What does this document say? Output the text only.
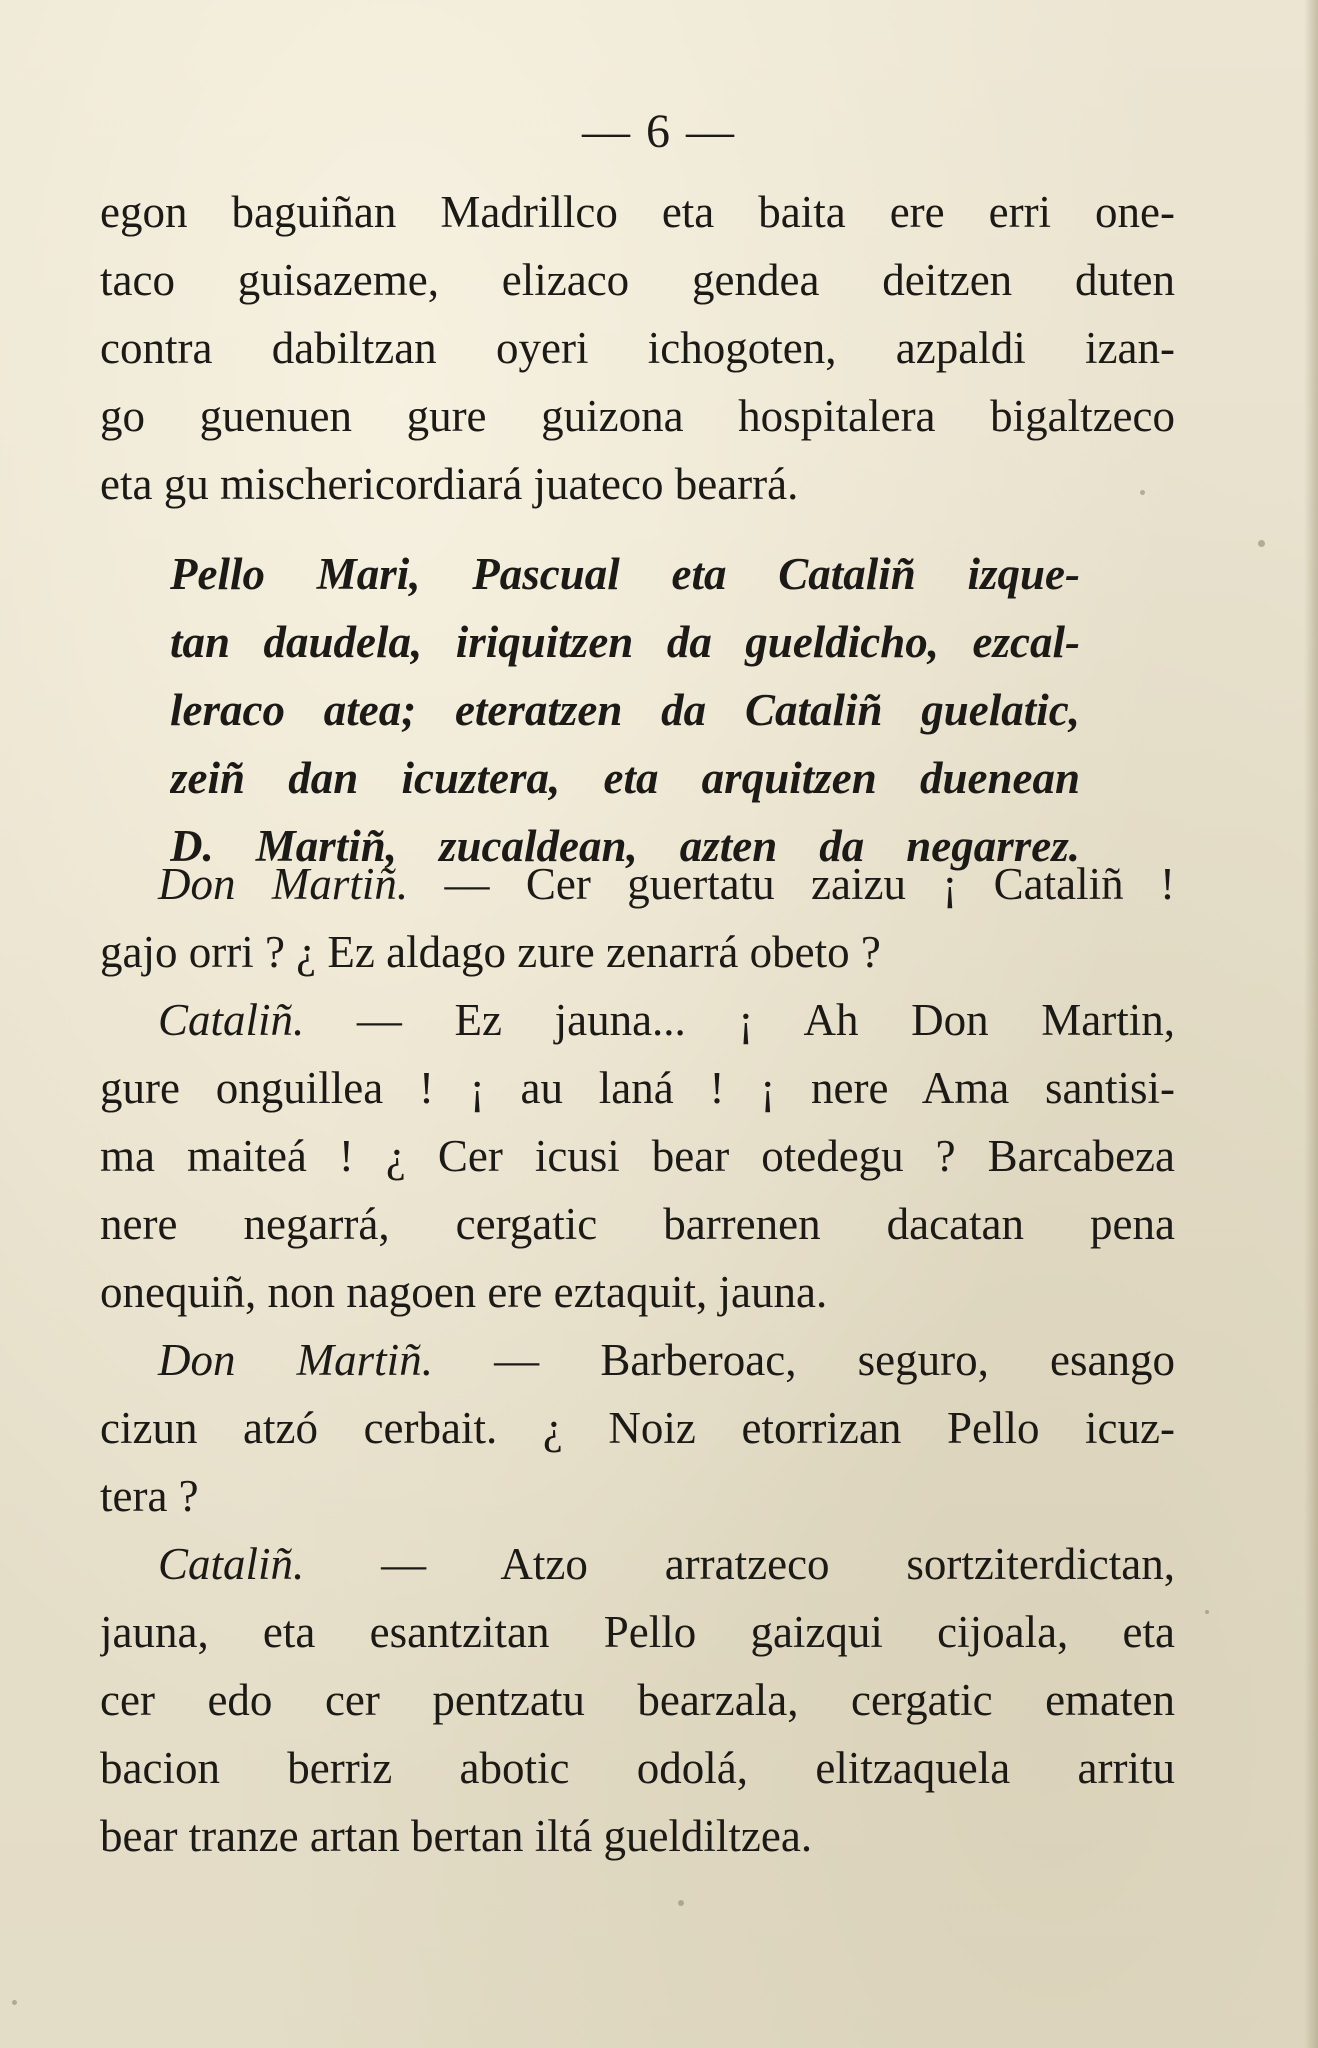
— 6 —
egon baguiñan Madrillco eta baita ere erri one-
taco guisazeme, elizaco gendea deitzen duten
contra dabiltzan oyeri ichogoten, azpaldi izan-
go guenuen gure guizona hospitalera bigaltzeco
eta gu mischericordiará juateco bearrá.
Pello Mari, Pascual eta Cataliñ izque-
tan daudela, iriquitzen da gueldicho, ezcal-
leraco atea; eteratzen da Cataliñ guelatic,
zeiñ dan icuztera, eta arquitzen duenean
D. Martiñ, zucaldean, azten da negarrez.
Don Martiñ. — Cer guertatu zaizu ¡ Cataliñ !
gajo orri ? ¿ Ez aldago zure zenarrá obeto ?
Cataliñ. — Ez jauna... ¡ Ah Don Martin,
gure onguillea ! ¡ au laná ! ¡ nere Ama santisi-
ma maiteá ! ¿ Cer icusi bear otedegu ? Barcabeza
nere negarrá, cergatic barrenen dacatan pena
onequiñ, non nagoen ere eztaquit, jauna.
Don Martiñ. — Barberoac, seguro, esango
cizun atzó cerbait. ¿ Noiz etorrizan Pello icuz-
tera ?
Cataliñ. — Atzo arratzeco sortziterdictan,
jauna, eta esantzitan Pello gaizqui cijoala, eta
cer edo cer pentzatu bearzala, cergatic ematen
bacion berriz abotic odolá, elitzaquela arritu
bear tranze artan bertan iltá gueldiltzea.
